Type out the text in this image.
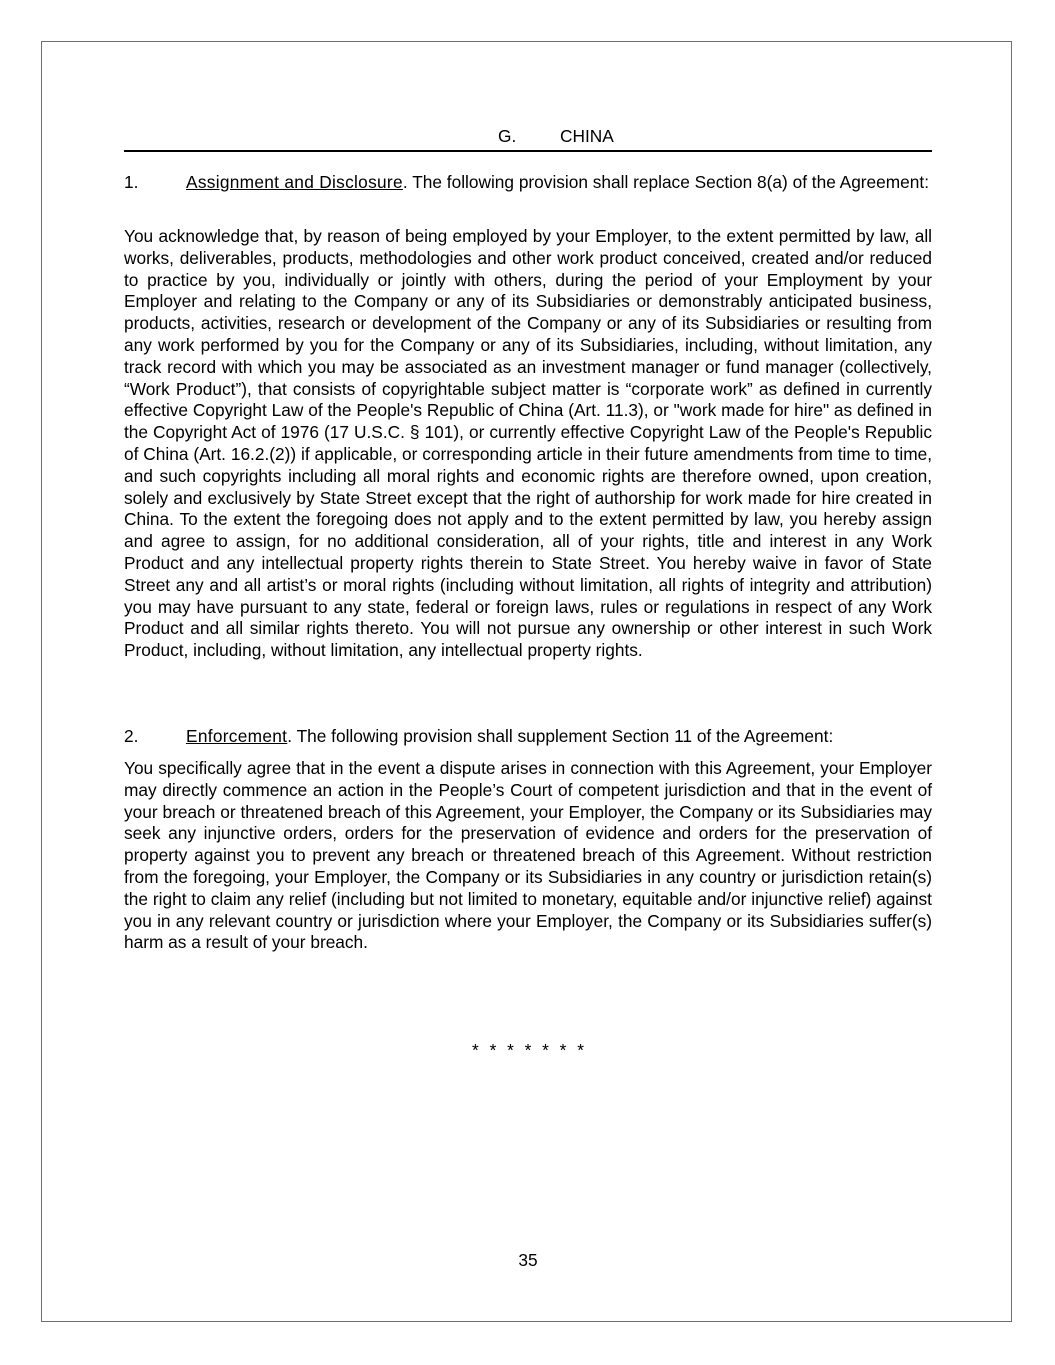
G.	CHINA

1.	Assignment and Disclosure. The following provision shall replace Section 8(a) of the Agreement:

You acknowledge that, by reason of being employed by your Employer, to the extent permitted by law, all works, deliverables, products, methodologies and other work product conceived, created and/or reduced to practice by you, individually or jointly with others, during the period of your Employment by your Employer and relating to the Company or any of its Subsidiaries or demonstrably anticipated business, products, activities, research or development of the Company or any of its Subsidiaries or resulting from any work performed by you for the Company or any of its Subsidiaries, including, without limitation, any track record with which you may be associated as an investment manager or fund manager (collectively, “Work Product”), that consists of copyrightable subject matter is “corporate work” as defined in currently effective Copyright Law of the People's Republic of China (Art. 11.3), or "work made for hire" as defined in the Copyright Act of 1976 (17 U.S.C. § 101), or currently effective Copyright Law of the People's Republic of China (Art. 16.2.(2)) if applicable, or corresponding article in their future amendments from time to time, and such copyrights including all moral rights and economic rights are therefore owned, upon creation, solely and exclusively by State Street except that the right of authorship for work made for hire created in China. To the extent the foregoing does not apply and to the extent permitted by law, you hereby assign and agree to assign, for no additional consideration, all of your rights, title and interest in any Work Product and any intellectual property rights therein to State Street. You hereby waive in favor of State Street any and all artist’s or moral rights (including without limitation, all rights of integrity and attribution) you may have pursuant to any state, federal or foreign laws, rules or regulations in respect of any Work Product and all similar rights thereto. You will not pursue any ownership or other interest in such Work Product, including, without limitation, any intellectual property rights.

2.	Enforcement. The following provision shall supplement Section 11 of the Agreement:

You specifically agree that in the event a dispute arises in connection with this Agreement, your Employer may directly commence an action in the People’s Court of competent jurisdiction and that in the event of your breach or threatened breach of this Agreement, your Employer, the Company or its Subsidiaries may seek any injunctive orders, orders for the preservation of evidence and orders for the preservation of property against you to prevent any breach or threatened breach of this Agreement. Without restriction from the foregoing, your Employer, the Company or its Subsidiaries in any country or jurisdiction retain(s) the right to claim any relief (including but not limited to monetary, equitable and/or injunctive relief) against you in any relevant country or jurisdiction where your Employer, the Company or its Subsidiaries suffer(s) harm as a result of your breach.

* * * * * * *
35
